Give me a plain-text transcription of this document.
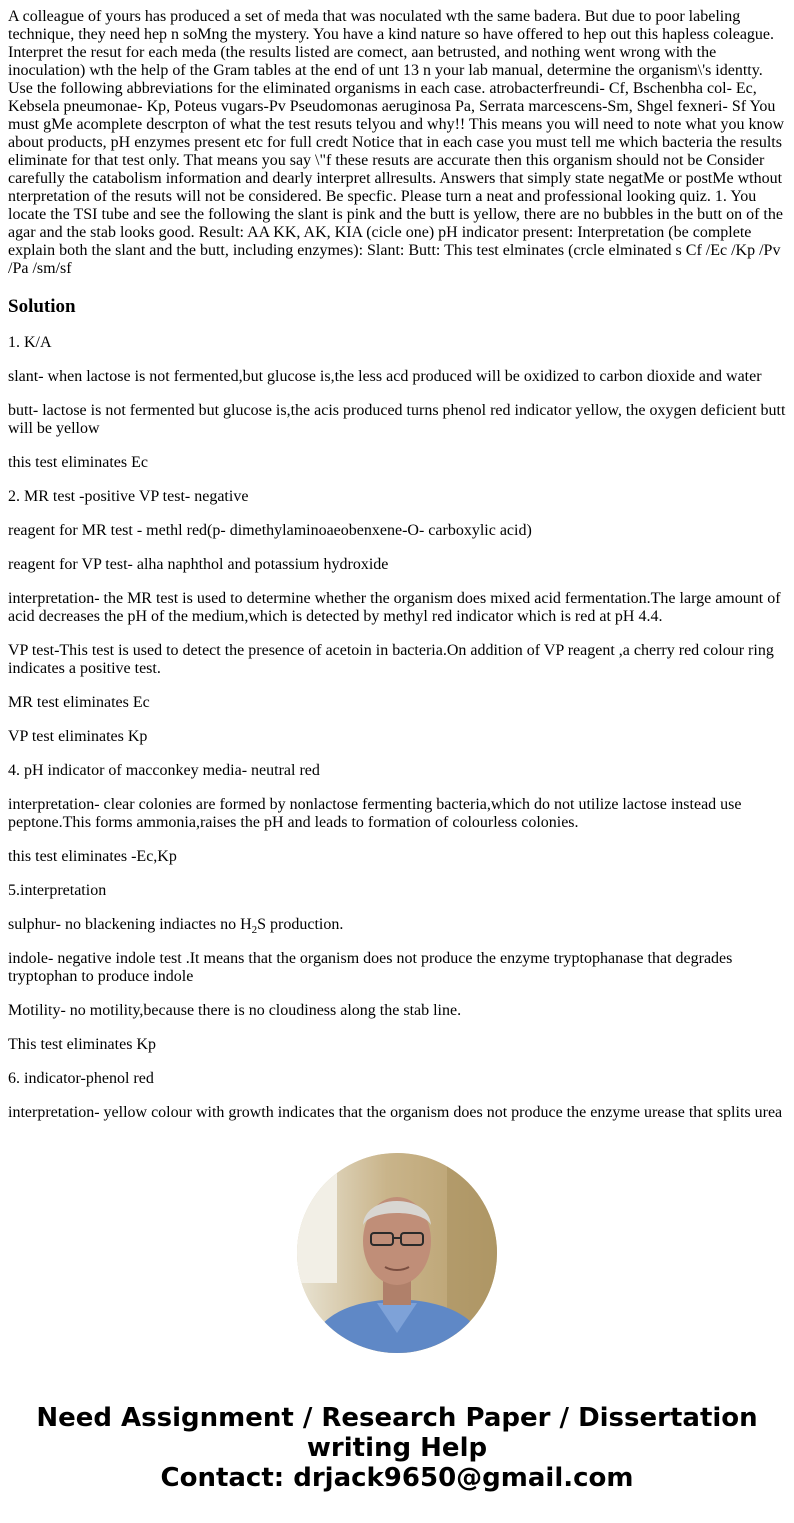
A colleague of yours has produced a set of meda that was noculated wth the same badera. But due to poor labeling technique, they need hep n soMng the mystery. You have a kind nature so have offered to hep out this hapless coleague. Interpret the resut for each meda (the results listed are comect, aan betrusted, and nothing went wrong with the inoculation) wth the help of the Gram tables at the end of unt 13 n your lab manual, determine the organism\'s identty. Use the following abbreviations for the eliminated organisms in each case. atrobacterfreundi- Cf, Bschenbha col- Ec, Kebsela pneumonae- Kp, Poteus vugars-Pv Pseudomonas aeruginosa Pa, Serrata marcescens-Sm, Shgel fexneri- Sf You must gMe acomplete descrpton of what the test resuts telyou and why!! This means you will need to note what you know about products, pH enzymes present etc for full credt Notice that in each case you must tell me which bacteria the results eliminate for that test only. That means you say \"f these resuts are accurate then this organism should not be Consider carefully the catabolism information and dearly interpret allresults. Answers that simply state negatMe or postMe wthout nterpretation of the resuts will not be considered. Be specfic. Please turn a neat and professional looking quiz. 1. You locate the TSI tube and see the following the slant is pink and the butt is yellow, there are no bubbles in the butt on of the agar and the stab looks good. Result: AA KK, AK, KIA (cicle one) pH indicator present: Interpretation (be complete explain both the slant and the butt, including enzymes): Slant: Butt: This test elminates (crcle elminated s Cf /Ec /Kp /Pv /Pa /sm/sf

Solution

1. K/A

slant- when lactose is not fermented,but glucose is,the less acd produced will be oxidized to carbon dioxide and water

butt- lactose is not fermented but glucose is,the acis produced turns phenol red indicator yellow, the oxygen deficient butt will be yellow

this test eliminates Ec

2. MR test -positive VP test- negative

reagent for MR test - methl red(p- dimethylaminoaeobenxene-O- carboxylic acid)

reagent for VP test- alha naphthol and potassium hydroxide

interpretation- the MR test is used to determine whether the organism does mixed acid fermentation.The large amount of acid decreases the pH of the medium,which is detected by methyl red indicator which is red at pH 4.4.

VP test-This test is used to detect the presence of acetoin in bacteria.On addition of VP reagent ,a cherry red colour ring indicates a positive test.

MR test eliminates Ec

VP test eliminates Kp

4. pH indicator of macconkey media- neutral red

interpretation- clear colonies are formed by nonlactose fermenting bacteria,which do not utilize lactose instead use peptone.This forms ammonia,raises the pH and leads to formation of colourless colonies.

this test eliminates -Ec,Kp

5.interpretation

sulphur- no blackening indiactes no $H_2S$ production.

indole- negative indole test .It means that the organism does not produce the enzyme tryptophanase that degrades tryptophan to produce indole

Motility- no motility,because there is no cloudiness along the stab line.

This test eliminates Kp

6. indicator-phenol red

interpretation- yellow colour with growth indicates that the organism does not produce the enzyme urease that splits urea

Need Assignment / Research Paper / Dissertation
writing Help
Contact: drjack9650@gmail.com
